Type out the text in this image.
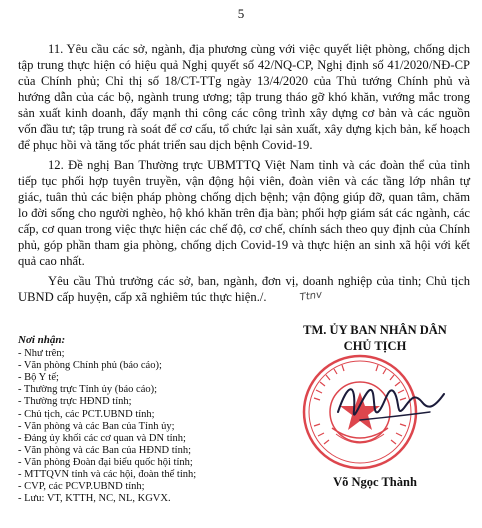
5

11. Yêu cầu các sở, ngành, địa phương cùng với việc quyết liệt phòng, chống dịch tập trung thực hiện có hiệu quả Nghị quyết số 42/NQ-CP, Nghị định số 41/2020/NĐ-CP của Chính phủ; Chỉ thị số 18/CT-TTg ngày 13/4/2020 của Thủ tướng Chính phủ và hướng dẫn của các bộ, ngành trung ương; tập trung tháo gỡ khó khăn, vướng mắc trong sản xuất kinh doanh, đẩy mạnh thi công các công trình xây dựng cơ bản và các nguồn vốn đầu tư; tập trung rà soát để cơ cấu, tổ chức lại sản xuất, xây dựng kịch bản, kế hoạch để phục hồi và tăng tốc phát triển sau dịch bệnh Covid-19.

12. Đề nghị Ban Thường trực UBMTTQ Việt Nam tỉnh và các đoàn thể của tỉnh tiếp tục phối hợp tuyên truyền, vận động hội viên, đoàn viên và các tầng lớp nhân tự giác, tuân thủ các biện pháp phòng chống dịch bệnh; vận động giúp đỡ, quan tâm, chăm lo đời sống cho người nghèo, hộ khó khăn trên địa bàn; phối hợp giám sát các ngành, các cấp, cơ quan trong việc thực hiện các chế độ, cơ chế, chính sách theo quy định của Chính phủ, góp phần tham gia phòng, chống dịch Covid-19 và thực hiện an sinh xã hội với kết quả cao nhất.

Yêu cầu Thủ trưởng các sở, ban, ngành, đơn vị, doanh nghiệp của tỉnh; Chủ tịch UBND cấp huyện, cấp xã nghiêm túc thực hiện./.	Ttnv

Nơi nhận:
- Như trên;
- Văn phòng Chính phủ (báo cáo);
- Bộ Y tế;
- Thường trực Tỉnh ủy (báo cáo);
- Thường trực HĐND tỉnh;
- Chủ tịch, các PCT.UBND tỉnh;
- Văn phòng và các Ban của Tỉnh ủy;
- Đảng ủy khối các cơ quan và DN tỉnh;
- Văn phòng và các Ban của HĐND tỉnh;
- Văn phòng Đoàn đại biểu quốc hội tỉnh;
- MTTQVN tỉnh và các hội, đoàn thể tỉnh;
- CVP, các PCVP.UBND tỉnh;
- Lưu: VT, KTTH, NC, NL, KGVX.
TM. ỦY BAN NHÂN DÂN
CHỦ TỊCH
Võ Ngọc Thành
